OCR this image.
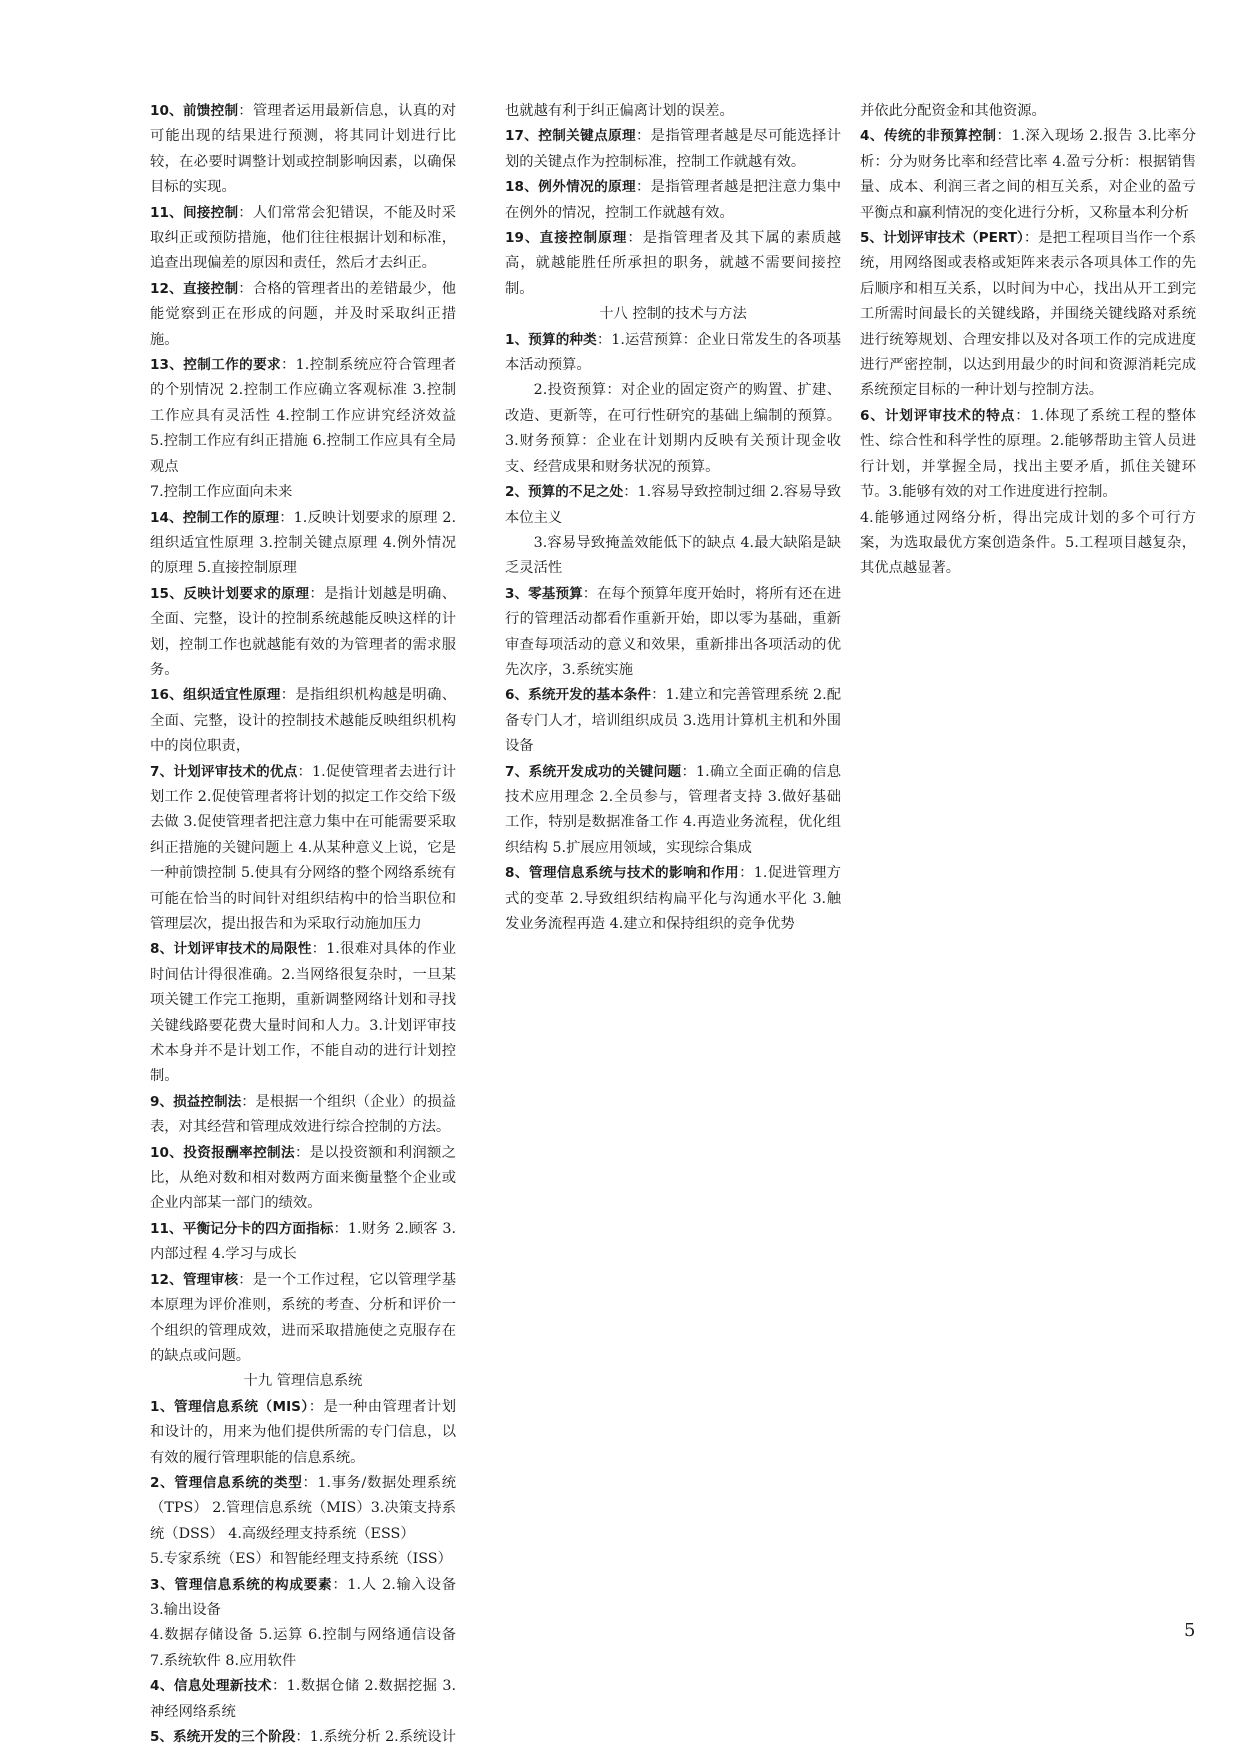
10、前馈控制：管理者运用最新信息，认真的对可能出现的结果进行预测，将其同计划进行比较，在必要时调整计划或控制影响因素，以确保目标的实现。

11、间接控制：人们常常会犯错误，不能及时采取纠正或预防措施，他们往往根据计划和标准，追查出现偏差的原因和责任，然后才去纠正。

12、直接控制：合格的管理者出的差错最少，他能觉察到正在形成的问题，并及时采取纠正措施。

13、控制工作的要求：1.控制系统应符合管理者的个别情况 2.控制工作应确立客观标准 3.控制工作应具有灵活性 4.控制工作应讲究经济效益 5.控制工作应有纠正措施 6.控制工作应具有全局观点

7.控制工作应面向未来

14、控制工作的原理：1.反映计划要求的原理 2.组织适宜性原理 3.控制关键点原理 4.例外情况的原理 5.直接控制原理

15、反映计划要求的原理：是指计划越是明确、全面、完整，设计的控制系统越能反映这样的计划，控制工作也就越能有效的为管理者的需求服务。

16、组织适宜性原理：是指组织机构越是明确、全面、完整，设计的控制技术越能反映组织机构中的岗位职责，

7、计划评审技术的优点：1.促使管理者去进行计划工作 2.促使管理者将计划的拟定工作交给下级去做 3.促使管理者把注意力集中在可能需要采取纠正措施的关键问题上 4.从某种意义上说，它是一种前馈控制 5.使具有分网络的整个网络系统有可能在恰当的时间针对组织结构中的恰当职位和管理层次，提出报告和为采取行动施加压力

8、计划评审技术的局限性：1.很难对具体的作业时间估计得很准确。2.当网络很复杂时，一旦某项关键工作完工拖期，重新调整网络计划和寻找关键线路要花费大量时间和人力。3.计划评审技术本身并不是计划工作，不能自动的进行计划控制。

9、损益控制法：是根据一个组织（企业）的损益表，对其经营和管理成效进行综合控制的方法。

10、投资报酬率控制法：是以投资额和利润额之比，从绝对数和相对数两方面来衡量整个企业或企业内部某一部门的绩效。

11、平衡记分卡的四方面指标：1.财务 2.顾客 3.内部过程 4.学习与成长

12、管理审核：是一个工作过程，它以管理学基本原理为评价准则，系统的考查、分析和评价一个组织的管理成效，进而采取措施使之克服存在的缺点或问题。

十九 管理信息系统

1、管理信息系统（MIS）：是一种由管理者计划和设计的，用来为他们提供所需的专门信息，以有效的履行管理职能的信息系统。

2、管理信息系统的类型：1.事务/数据处理系统（TPS） 2.管理信息系统（MIS）3.决策支持系统（DSS） 4.高级经理支持系统（ESS）

5.专家系统（ES）和智能经理支持系统（ISS）

3、管理信息系统的构成要素：1.人 2.输入设备 3.输出设备

4.数据存储设备 5.运算 6.控制与网络通信设备 7.系统软件 8.应用软件

4、信息处理新技术：1.数据仓储 2.数据挖掘 3.神经网络系统

5、系统开发的三个阶段：1.系统分析 2.系统设计

也就越有利于纠正偏离计划的误差。

17、控制关键点原理：是指管理者越是尽可能选择计划的关键点作为控制标准，控制工作就越有效。

18、例外情况的原理：是指管理者越是把注意力集中在例外的情况，控制工作就越有效。

19、直接控制原理：是指管理者及其下属的素质越高，就越能胜任所承担的职务，就越不需要间接控制。

十八 控制的技术与方法

1、预算的种类：1.运营预算：企业日常发生的各项基本活动预算。

2.投资预算：对企业的固定资产的购置、扩建、改造、更新等，在可行性研究的基础上编制的预算。3.财务预算：企业在计划期内反映有关预计现金收支、经营成果和财务状况的预算。

2、预算的不足之处：1.容易导致控制过细 2.容易导致本位主义

3.容易导致掩盖效能低下的缺点 4.最大缺陷是缺乏灵活性

3、零基预算：在每个预算年度开始时，将所有还在进行的管理活动都看作重新开始，即以零为基础，重新审查每项活动的意义和效果，重新排出各项活动的优先次序，3.系统实施

6、系统开发的基本条件：1.建立和完善管理系统 2.配备专门人才，培训组织成员 3.选用计算机主机和外围设备

7、系统开发成功的关键问题：1.确立全面正确的信息技术应用理念 2.全员参与，管理者支持 3.做好基础工作，特别是数据准备工作 4.再造业务流程，优化组织结构 5.扩展应用领域，实现综合集成

8、管理信息系统与技术的影响和作用：1.促进管理方式的变革 2.导致组织结构扁平化与沟通水平化 3.触发业务流程再造 4.建立和保持组织的竞争优势

并依此分配资金和其他资源。

4、传统的非预算控制：1.深入现场 2.报告 3.比率分析：分为财务比率和经营比率 4.盈亏分析：根据销售量、成本、利润三者之间的相互关系，对企业的盈亏平衡点和赢利情况的变化进行分析，又称量本利分析

5、计划评审技术（PERT）：是把工程项目当作一个系统，用网络图或表格或矩阵来表示各项具体工作的先后顺序和相互关系，以时间为中心，找出从开工到完工所需时间最长的关键线路，并围绕关键线路对系统进行统筹规划、合理安排以及对各项工作的完成进度进行严密控制，以达到用最少的时间和资源消耗完成系统预定目标的一种计划与控制方法。

6、计划评审技术的特点：1.体现了系统工程的整体性、综合性和科学性的原理。2.能够帮助主管人员进行计划，并掌握全局，找出主要矛盾，抓住关键环节。3.能够有效的对工作进度进行控制。

4.能够通过网络分析，得出完成计划的多个可行方案，为选取最优方案创造条件。5.工程项目越复杂，其优点越显著。

5
